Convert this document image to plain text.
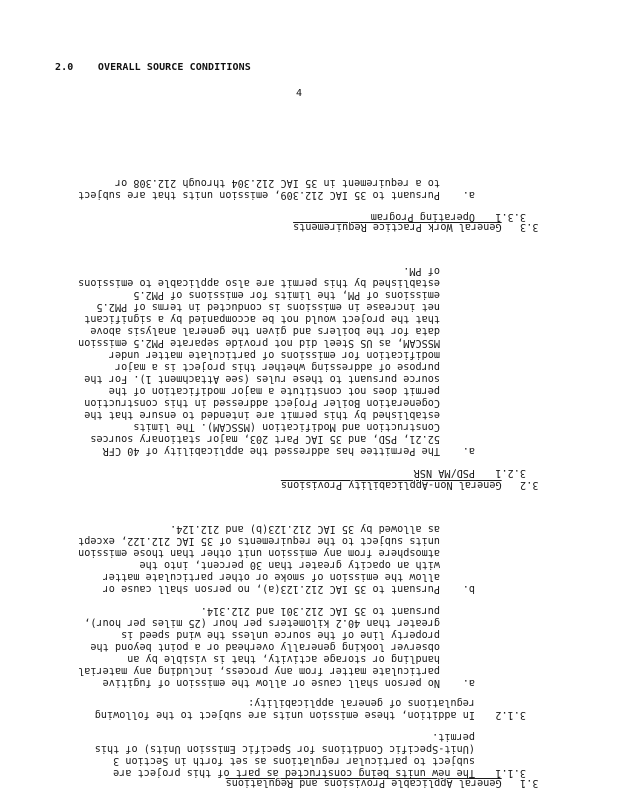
2.0 OVERALL SOURCE CONDITIONS
4

3.1   General Applicable Provisions and Regulations

3.1.1
The new units being constructed as part of this project are
subject to particular regulations as set forth in Section 3
(Unit-Specific Conditions for Specific Emission Units) of this
permit.
3.1.2
In addition, these emission units are subject to the following
regulations of general applicability:
a.
No person shall cause or allow the emission of fugitive
particulate matter from any process, including any material
handling or storage activity, that is visible by an
observer looking generally overhead or a point beyond the
property line of the source unless the wind speed is
greater than 40.2 kilometers per hour (25 miles per hour),
pursuant to 35 IAC 212.301 and 212.314.
b.
Pursuant to 35 IAC 212.123(a), no person shall cause or
allow the emission of smoke or other particulate matter
with an opacity greater than 30 percent, into the
atmosphere from any emission unit other than those emission
units subject to the requirements of 35 IAC 212.122, except
as allowed by 35 IAC 212.123(b) and 212.124.

3.2   General Non-Applicability Provisions

3.2.1
PSD/MA NSR
a.
The Permittee has addressed the applicability of 40 CFR
52.21, PSD, and 35 IAC Part 203, major stationary sources
Construction and Modification (MSSCAM). The limits
established by this permit are intended to ensure that the
Cogeneration Boiler Project addressed in this construction
permit does not constitute a major modification of the
source pursuant to these rules (see Attachment 1). For the
purpose of addressing whether this project is a major
modification for emissions of particulate matter under
MSSCAM, as US Steel did not provide separate PM2.5 emission
data for the boilers and given the general analysis above
that the project would not be accompanied by a significant
net increase in emissions is conducted in terms of PM2.5
emissions of PM, the limits for emissions of PM2.5
established by this permit are also applicable to emissions
of PM.

3.3   General Work Practice Requirements

3.3.1
Operating Program
a.
Pursuant to 35 IAC 212.309, emission units that are subject
to a requirement in 35 IAC 212.304 through 212.308 or
